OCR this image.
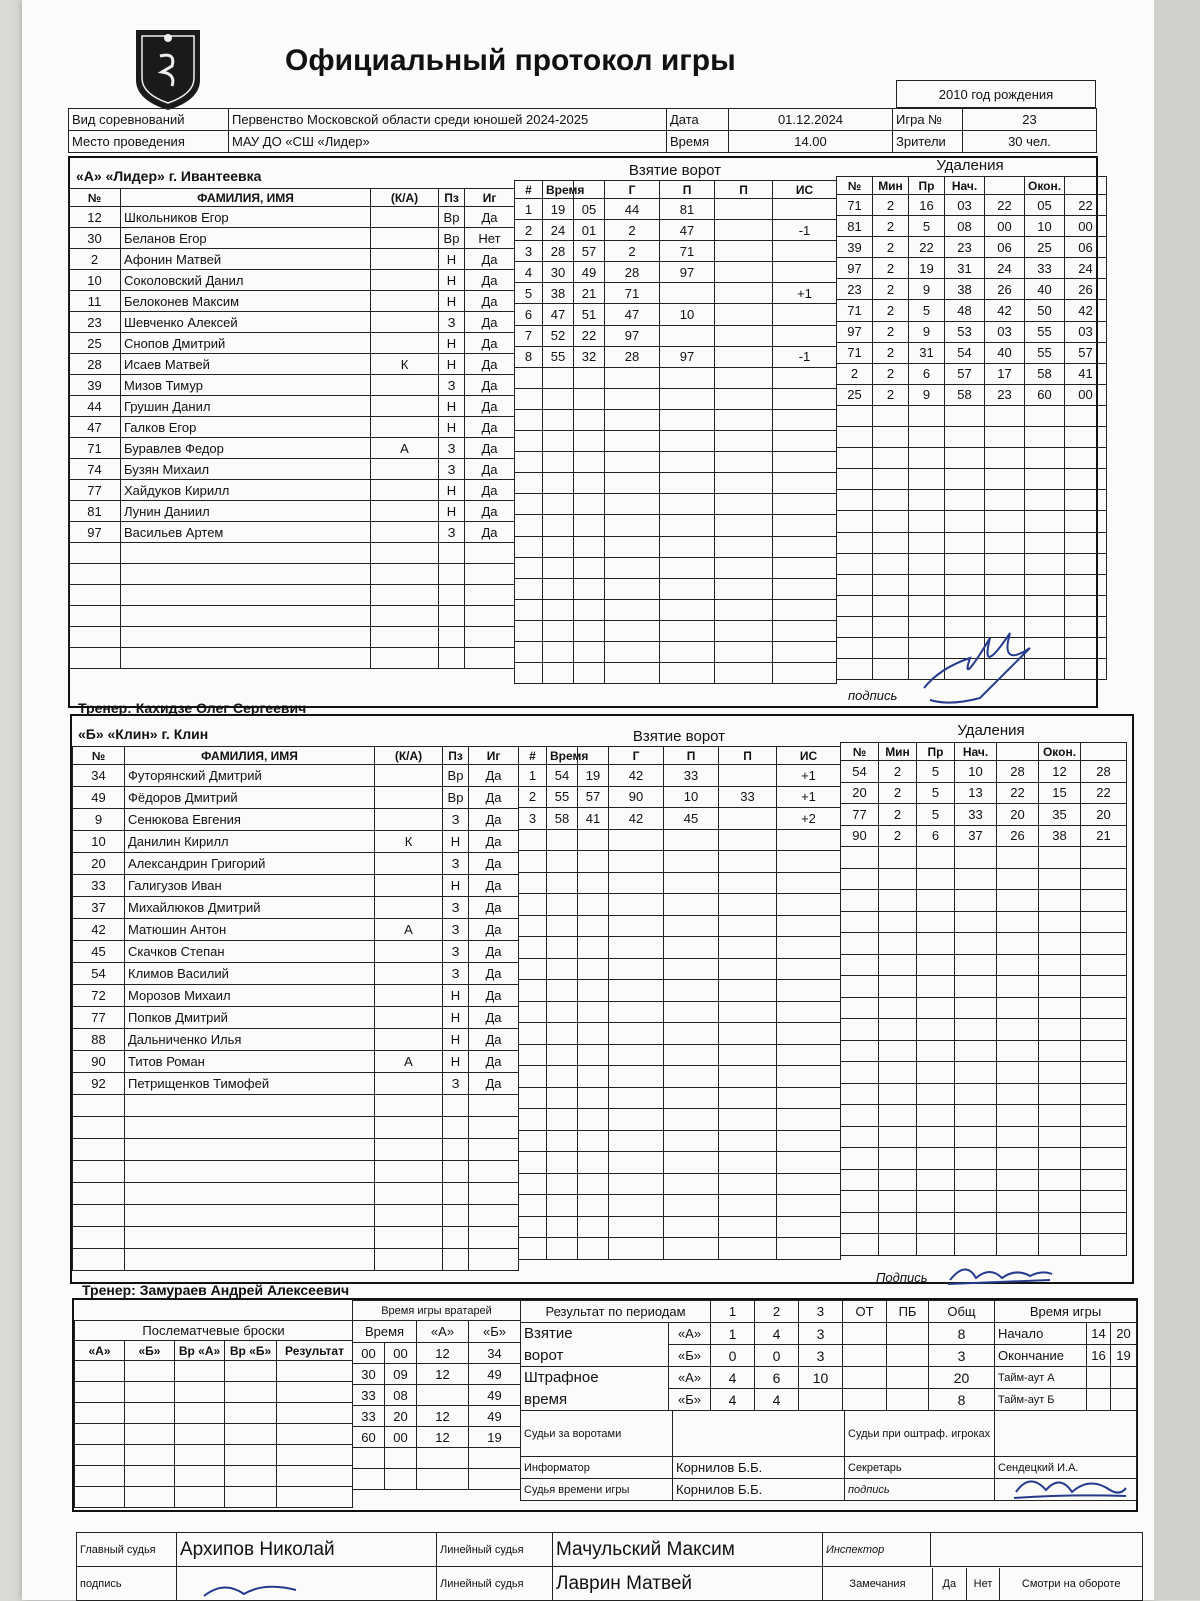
Официальный протокол игры
2010 год рождения
Вид соревнований	Первенство Московской области среди юношей 2024-2025	Дата	01.12.2024	Игра №	23
Место проведения	МАУ ДО «СШ «Лидер»	Время	14.00	Зрители	30 чел.
«А» «Лидер» г. Ивантеевка
№	ФАМИЛИЯ, ИМЯ	(К/А)	Пз	Иг
12	Школьников Егор		Вр	Да
30	Беланов Егор		Вр	Нет
2	Афонин Матвей		Н	Да
10	Соколовский Данил		Н	Да
11	Белоконев Максим		Н	Да
23	Шевченко Алексей		З	Да
25	Снопов Дмитрий		Н	Да
28	Исаев Матвей	К	Н	Да
39	Мизов Тимур		З	Да
44	Грушин Данил		Н	Да
47	Галков Егор		Н	Да
71	Буравлев Федор	А	З	Да
74	Бузян Михаил		З	Да
77	Хайдуков Кирилл		Н	Да
81	Лунин Даниил		Н	Да
97	Васильев Артем		З	Да

Взятие ворот
#	Время		Г	П	П	ИС
1	19	05	44	81		
2	24	01	2	47		-1
3	28	57	2	71		
4	30	49	28	97		
5	38	21	71			+1
6	47	51	47	10		
7	52	22	97			
8	55	32	28	97		-1

Удаления
№	Мин	Пр	Нач.		Окон.	
71	2	16	03	22	05	22
81	2	5	08	00	10	00
39	2	22	23	06	25	06
97	2	19	31	24	33	24
23	2	9	38	26	40	26
71	2	5	48	42	50	42
97	2	9	53	03	55	03
71	2	31	54	40	55	57
2	2	6	57	17	58	41
25	2	9	58	23	60	00

Тренер: Кахидзе Олег Сергеевич
подпись
«Б» «Клин» г. Клин
№	ФАМИЛИЯ, ИМЯ	(К/А)	Пз	Иг
34	Футорянский Дмитрий		Вр	Да
49	Фёдоров Дмитрий		Вр	Да
9	Сенюкова Евгения		З	Да
10	Данилин Кирилл	К	Н	Да
20	Александрин Григорий		З	Да
33	Галигузов Иван		Н	Да
37	Михайлюков Дмитрий		З	Да
42	Матюшин Антон	А	З	Да
45	Скачков Степан		З	Да
54	Климов Василий		З	Да
72	Морозов Михаил		Н	Да
77	Попков Дмитрий		Н	Да
88	Дальниченко Илья		Н	Да
90	Титов Роман	А	Н	Да
92	Петрищенков Тимофей		З	Да

Взятие ворот
#	Время		Г	П	П	ИС
1	54	19	42	33		+1
2	55	57	90	10	33	+1
3	58	41	42	45		+2

Удаления
№	Мин	Пр	Нач.		Окон.	
54	2	5	10	28	12	28
20	2	5	13	22	15	22
77	2	5	33	20	35	20
90	2	6	37	26	38	21

Тренер: Замураев Андрей Алексеевич
Подпись
Послематчевые броски				
«А»	«Б»	Вр «А»	Вр «Б»	Результат

Время игры вратарей			
Время		«А»	«Б»
00	00	12	34
30	09	12	49
33	08		49
33	20	12	49
60	00	12	19

Результат по периодам		1	2	3	ОТ	ПБ	Общ
Взятие	«А»	1	4	3			8
ворот	«Б»	0	0	3			3
Штрафное	«А»	4	6	10			20
время	«Б»	4	4				8
Время игры		
Начало	14	20
Окончание	16	19
Тайм-аут А		
Тайм-аут Б		
Судьи за воротами		Судьи при оштраф. игроках	
Информатор	Корнилов Б.Б.	Секретарь	Сендецкий И.А.
Судья времени игры	Корнилов Б.Б.	подпись	
Главный судья	Архипов Николай	Линейный судья	Мачульский Максим	Инспектор	
подпись		Линейный судья	Лаврин Матвей	Замечания Да Нет Смотри на обороте	
